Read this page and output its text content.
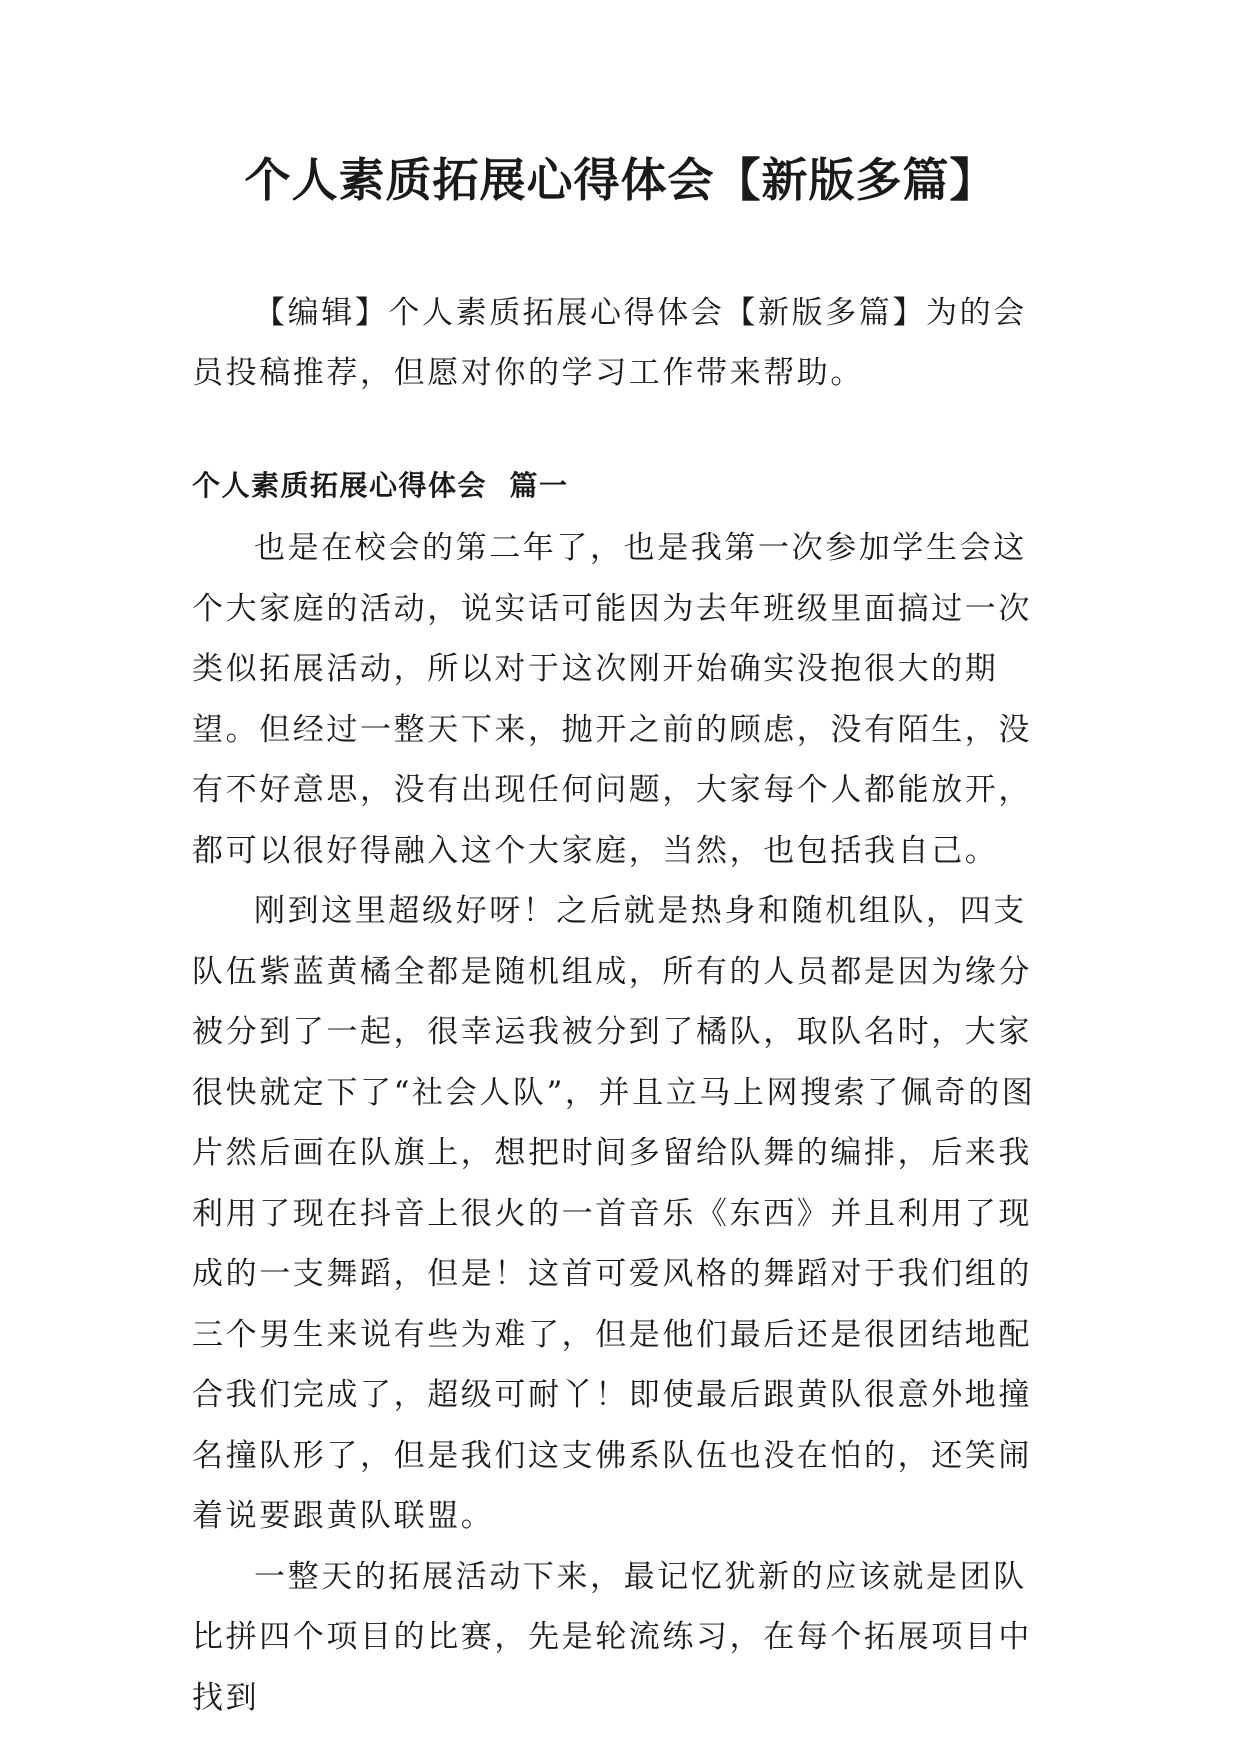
个人素质拓展心得体会【新版多篇】

【编辑】个人素质拓展心得体会【新版多篇】为的会员投稿推荐，但愿对你的学习工作带来帮助。

个人素质拓展心得体会  篇一

也是在校会的第二年了，也是我第一次参加学生会这个大家庭的活动，说实话可能因为去年班级里面搞过一次类似拓展活动，所以对于这次刚开始确实没抱很大的期望。但经过一整天下来，抛开之前的顾虑，没有陌生，没有不好意思，没有出现任何问题，大家每个人都能放开，都可以很好得融入这个大家庭，当然，也包括我自己。

刚到这里超级好呀！之后就是热身和随机组队，四支队伍紫蓝黄橘全都是随机组成，所有的人员都是因为缘分被分到了一起，很幸运我被分到了橘队，取队名时，大家很快就定下了“社会人队”，并且立马上网搜索了佩奇的图片然后画在队旗上，想把时间多留给队舞的编排，后来我利用了现在抖音上很火的一首音乐《东西》并且利用了现成的一支舞蹈，但是！这首可爱风格的舞蹈对于我们组的三个男生来说有些为难了，但是他们最后还是很团结地配合我们完成了，超级可耐丫！即使最后跟黄队很意外地撞名撞队形了，但是我们这支佛系队伍也没在怕的，还笑闹着说要跟黄队联盟。

一整天的拓展活动下来，最记忆犹新的应该就是团队比拼四个项目的比赛，先是轮流练习，在每个拓展项目中找到
